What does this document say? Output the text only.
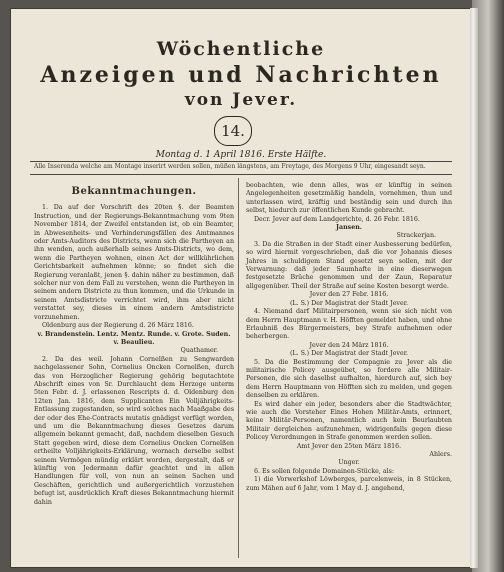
Wöchentliche
Anzeigen und Nachrichten
von Jever.
14.
Montag d. 1 April 1816. Erste Hälfte.
Alle Inserenda welche am Montage inserirt werden sollen, müßen längstens, am Freytage, des Morgens 9 Uhr, eingesandt seyn.
Bekanntmachungen.

1. Da auf der Vorschrift des 20ten §. der Beamten Instruction, und der Regierungs-Bekanntmachung vom 9ten November 1814, der Zweifel entstanden ist, ob ein Beamter, in Abwesenheits- und Verhinderungsfällen des Amtmannes oder Amts-Auditors des Districts, wenn sich die Partheyen an ihn wenden, auch außerhalb seines Amts-Districts, wo dem, wenn die Partheyen wohnen, einen Act der willkührlichen Gerichtsbarkeit aufnehmen könne; so findet sich die Regierung veranlaßt, jenen §. dahin näher zu bestimmen, daß solcher nur von dem Fall zu verstehen, wenn die Partheyen in seinem andern Districte zu thun kommen, und die Urkunde in seinem Amtsdistricte verrichtet wird, ihm aber nicht verstattet sey, dieses in einem andern Amtsdistricte vorzunehmen.

Oldenburg aus der Regierung d. 26 März 1816.

v. Brandenstein. Lentz. Mentz. Runde. v. Grote. Suden. v. Beaulieu.

Quathamer.

2. Da des weil. Johann Cornelßen zu Sengwarden nachgelassener Sohn, Cornelius Oncken Cornelßen, durch das von Herzoglicher Regierung gehörig begutachtete Abschrift eines von Sr. Durchlaucht dem Herzoge unterm 5ten Febr. d. J. erlassenen Rescripts d. d. Oldenburg den 12ten Jan. 1816, dem Supplicanten Ein Volljährigkeits-Entlassung zugestanden, so wird solches nach Maaßgabe des der oder des Ehe-Contracts mutatis gnädigst verfügt worden, und um die Bekanntmachung dieses Gesetzes darum allgemein bekannt gemacht, daß, nachdem dieselben Gesuch Statt gegeben wird, diese dem Cornelius Oncken Cornelßen ertheilte Volljährigkeits-Erklärung, wornach derselbe selbst seinem Vermögen mündig erklärt worden, dergestalt, daß er künftig von Jedermann dafür geachtet und in allen Handlungen für voll, von nun an seinen Sachen und Geschäften, gerichtlich und außergerichtlich vorzustehen befugt ist, ausdrücklich Kraft dieses Bekanntmachung hiermit dahin

beobachten, wie denn alles, was er künftig in seinen Angelegenheiten gesetzmäßig handeln, vornehmen, thun und unterlassen wird, kräftig und beständig sein und durch ihn selbst, hiedurch zur öffentlichen Kunde gebracht.

Decr. Jever auf dem Landgerichte, d. 26 Febr. 1816.

Jansen.

Strackerjan.

3. Da die Straßen in der Stadt einer Ausbesserung bedürfen, so wird hiermit vorgeschrieben, daß die vor Johannis dieses Jahres in schuldigem Stand gesetzt seyn sollen, mit der Verwarnung: daß jeder Saumhafte in eine dieserwegen festgesetzte Brüche genommen und der Zaun, Reparatur allgegenüber. Theil der Straße auf seine Kosten besorgt werde.

Jever den 27 Febr. 1816.

(L. S.) Der Magistrat der Stadt Jever.

4. Niemand darf Militairpersonen, wenn sie sich nicht von dem Herrn Hauptmann v. H. Höfften gemeldet haben, und ohne Erlaubniß des Bürgermeisters, bey Strafe aufnehmen oder beherbergen.

Jever den 24 März 1816.

(L. S.) Der Magistrat der Stadt Jever.

5. Da die Bestimmung der Compagnie zu Jever als die militairische Policey ausgeübet, so fordere alle Militair-Personen, die sich daselbst aufhalten, hierdurch auf, sich bey dem Herrn Hauptmann von Höfften sich zu melden, und gegen denselben zu erklären.

Es wird daher ein jeder, besonders aber die Stadtwächter, wie auch die Vorsteher Eines Hohen Militär-Amts, erinnert, keine Militär-Personen, namentlich auch kein Beurlaubten Militair dergleichen aufzunehmen, widrigenfalls gegen diese Policey Verordnungen in Strafe genommen werden sollen.

Amt Jever den 25ten März 1816.

Ahlers.

Unger.

6. Es sollen folgende Domainen-Stücke, als:

1) die Vorwerkshof Löwberges, parcelenweis, in 8 Stücken, zum Mähen auf 6 Jahr, vom 1 May d. J. angehend,
